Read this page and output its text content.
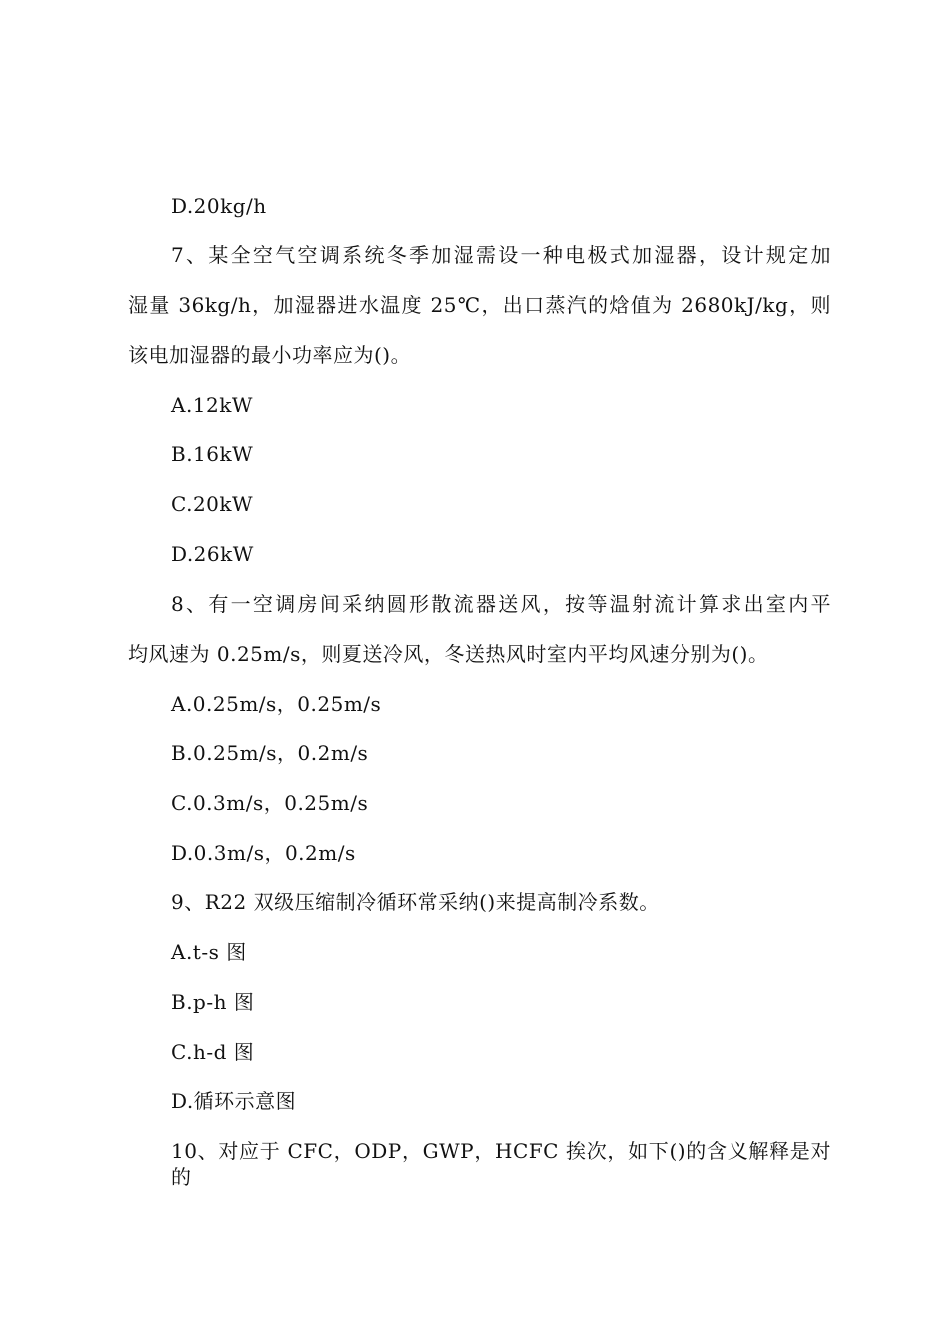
D.20kg/h
7、某全空气空调系统冬季加湿需设一种电极式加湿器，设计规定加
湿量 36kg/h，加湿器进水温度 25℃，出口蒸汽的焓值为 2680kJ/kg，则
该电加湿器的最小功率应为()。
A.12kW
B.16kW
C.20kW
D.26kW
8、有一空调房间采纳圆形散流器送风，按等温射流计算求出室内平
均风速为 0.25m/s，则夏送冷风，冬送热风时室内平均风速分别为()。
A.0.25m/s，0.25m/s
B.0.25m/s，0.2m/s
C.0.3m/s，0.25m/s
D.0.3m/s，0.2m/s
9、R22 双级压缩制冷循环常采纳()来提高制冷系数。
A.t-s 图
B.p-h 图
C.h-d 图
D.循环示意图
10、对应于 CFC，ODP，GWP，HCFC 挨次，如下()的含义解释是对的
